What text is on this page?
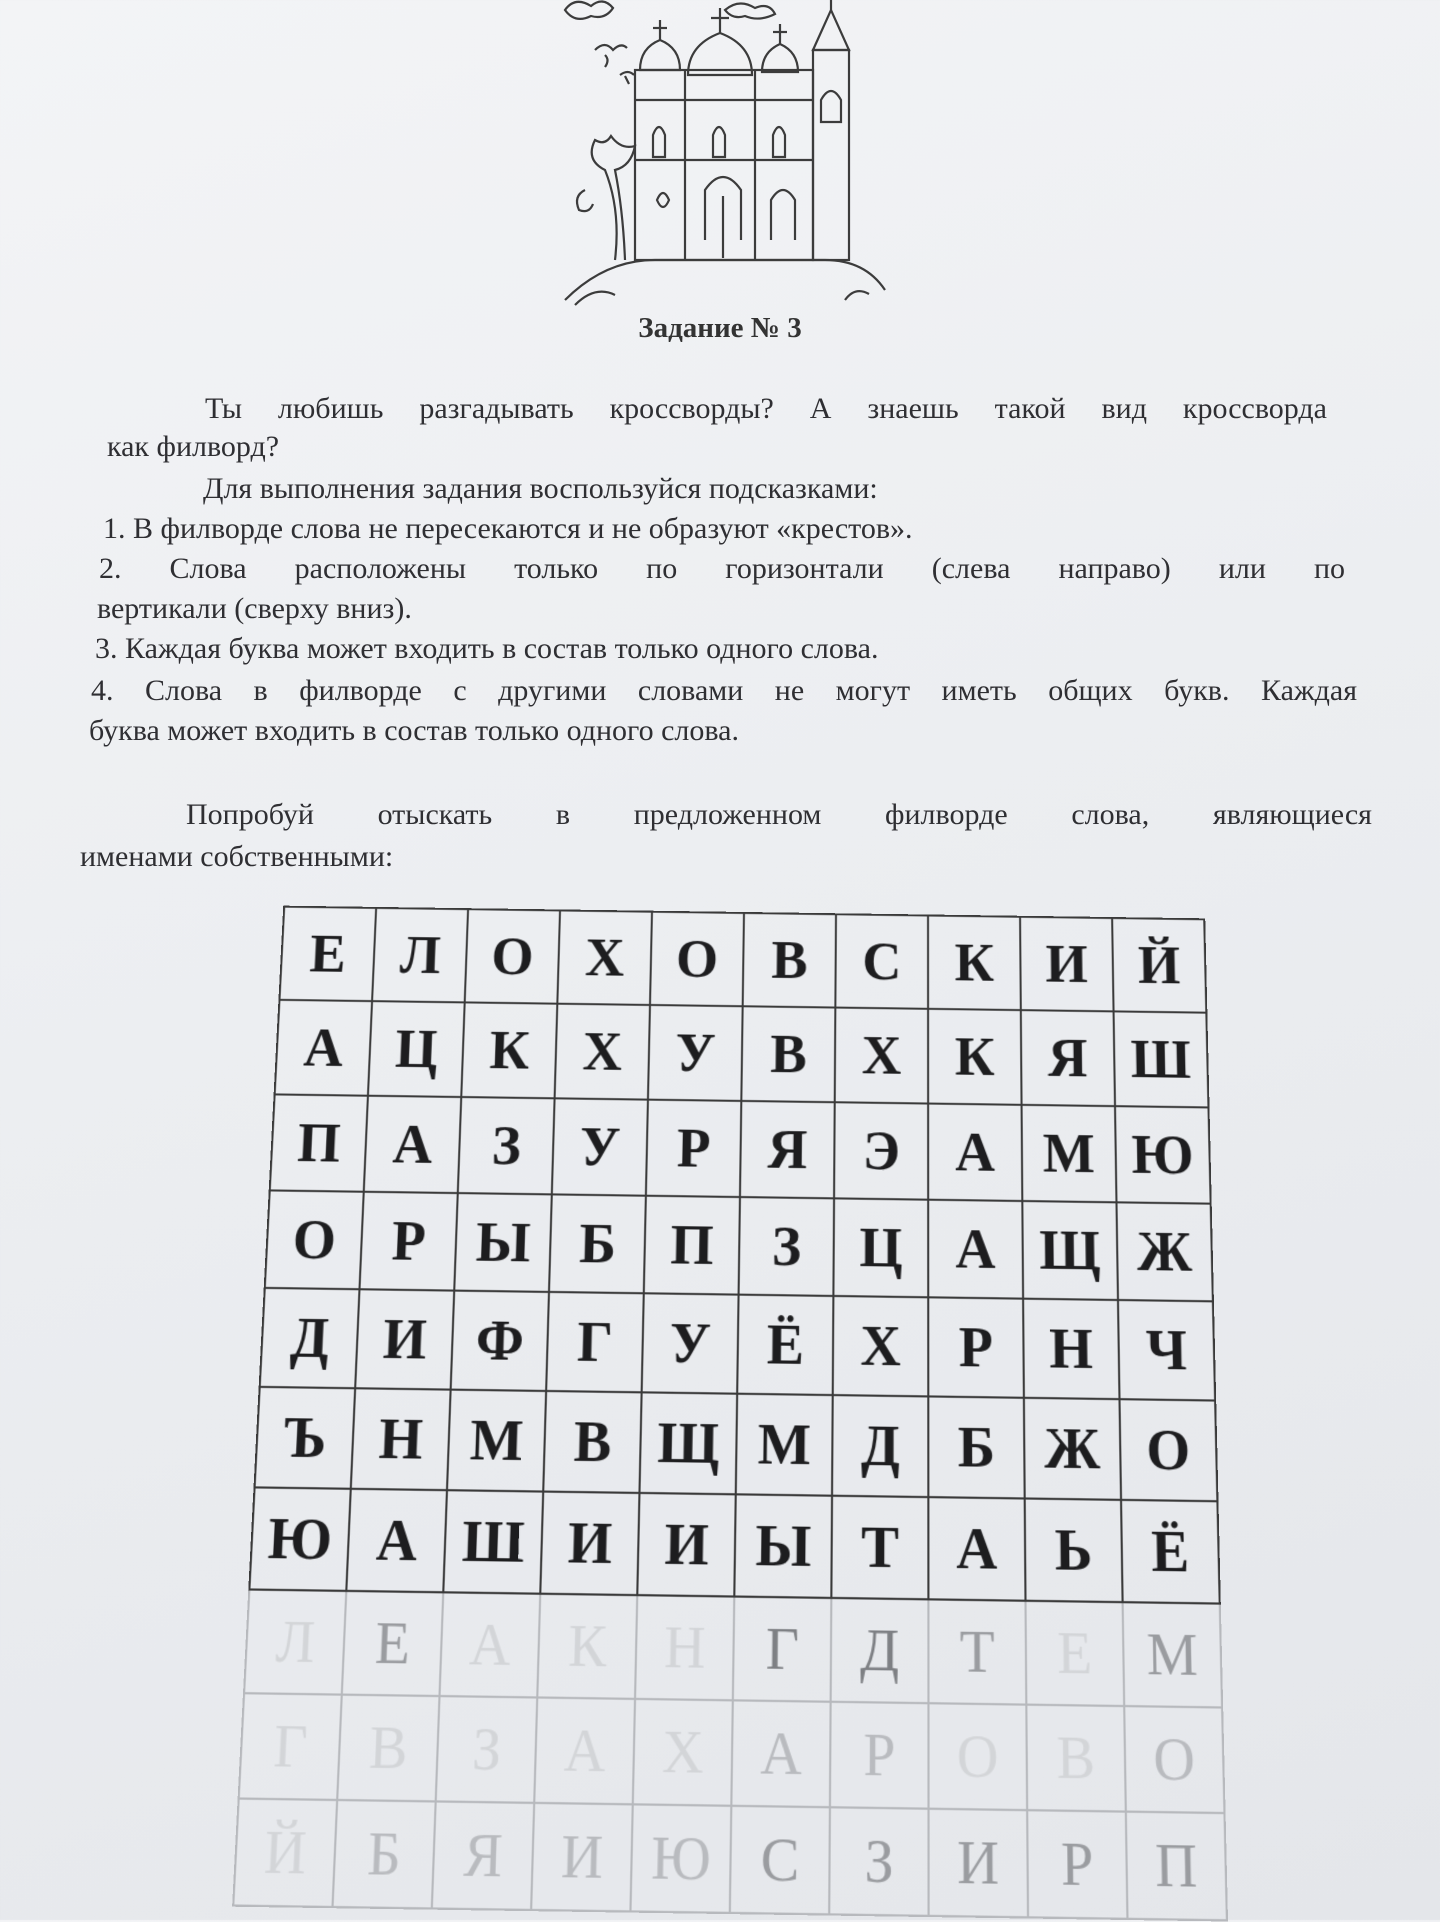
Задание № 3
Ты любишь разгадывать кроссворды? А знаешь такой вид кроссворда
как филворд?
Для выполнения задания воспользуйся подсказками:
1. В филворде слова не пересекаются и не образуют «крестов».
2. Слова расположены только по горизонтали (слева направо) или по
вертикали (сверху вниз).
3. Каждая буква может входить в состав только одного слова.
4. Слова в филворде с другими словами не могут иметь общих букв. Каждая
буква может входить в состав только одного слова.
Попробуй отыскать в предложенном филворде слова, являющиеся
именами собственными:
Е	Л	О	Х	О	В	С	К	И	Й
А	Ц	К	Х	У	В	Х	К	Я	Ш
П	А	З	У	Р	Я	Э	А	М	Ю
О	Р	Ы	Б	П	З	Ц	А	Щ	Ж
Д	И	Ф	Г	У	Ё	Х	Р	Н	Ч
Ъ	Н	М	В	Щ	М	Д	Б	Ж	О
Ю	А	Ш	И	И	Ы	Т	А	Ь	Ё
Л	Е	А	К	Н	Г	Д	Т	Е	М
Г	В	З	А	Х	А	Р	О	В	О
Й	Б	Я	И	Ю	С	З	И	Р	П
